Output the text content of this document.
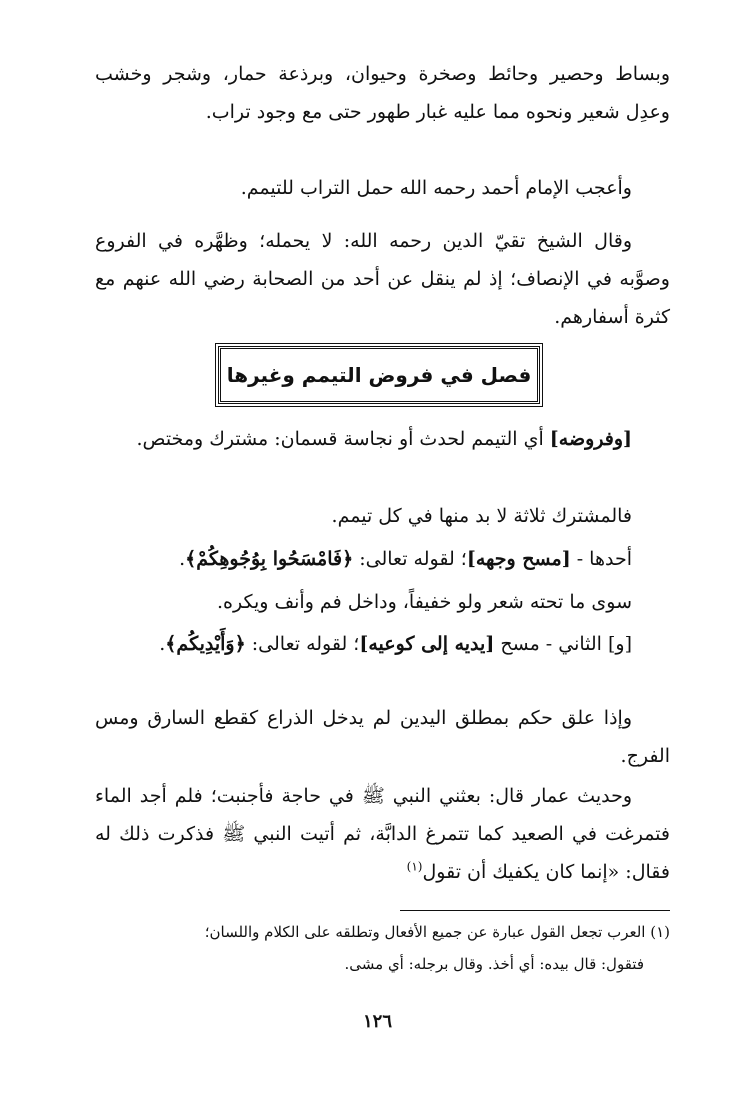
وبساط وحصير وحائط وصخرة وحيوان، وبرذعة حمار، وشجر وخشب وعدِل شعير ونحوه مما عليه غبار طهور حتى مع وجود تراب.

وأعجب الإمام أحمد رحمه الله حمل التراب للتيمم.

وقال الشيخ تقيّ الدين رحمه الله: لا يحمله؛ وظهَّره في الفروع وصوَّبه في الإنصاف؛ إذ لم ينقل عن أحد من الصحابة رضي الله عنهم مع كثرة أسفارهم.

فصل في فروض التيمم وغيرها

[وفروضه] أي التيمم لحدث أو نجاسة قسمان: مشترك ومختص.

فالمشترك ثلاثة لا بد منها في كل تيمم.

أحدها - [مسح وجهه]؛ لقوله تعالى: ﴿فَامْسَحُوا بِوُجُوهِكُمْ﴾.

سوى ما تحته شعر ولو خفيفاً، وداخل فم وأنف ويكره.

[و] الثاني - مسح [يديه إلى كوعيه]؛ لقوله تعالى: ﴿وَأَيْدِيكُم﴾.

وإذا علق حكم بمطلق اليدين لم يدخل الذراع كقطع السارق ومس الفرج.

وحديث عمار قال: بعثني النبي ﷺ في حاجة فأجنبت؛ فلم أجد الماء فتمرغت في الصعيد كما تتمرغ الدابَّة، ثم أتيت النبي ﷺ فذكرت ذلك له فقال: «إنما كان يكفيك أن تقول$^{(١)}$

(١) العرب تجعل القول عبارة عن جميع الأفعال وتطلقه على الكلام واللسان؛

فتقول: قال بيده: أي أخذ. وقال برجله: أي مشى.

١٢٦
